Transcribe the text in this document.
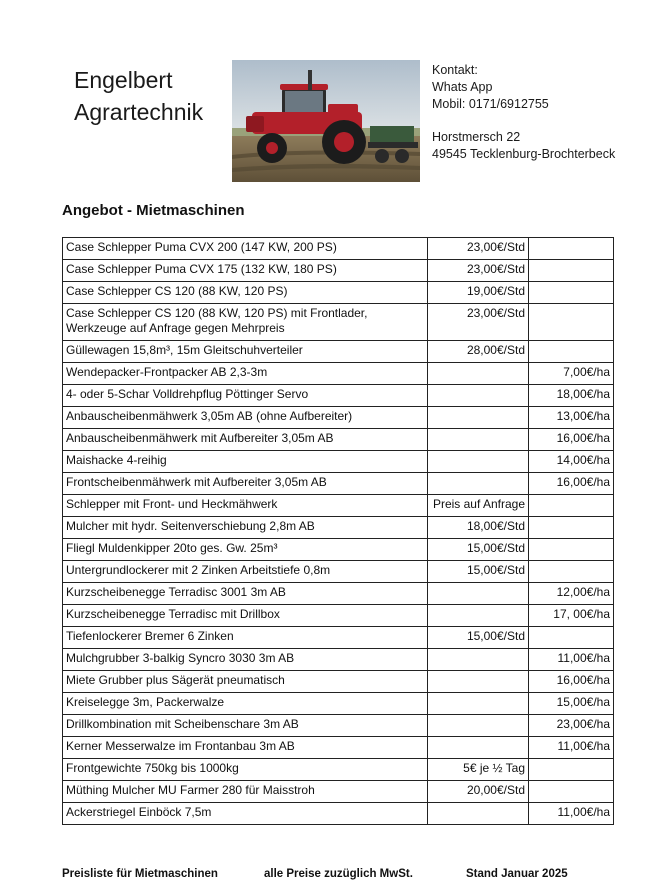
Engelbert
Agrartechnik
Kontakt:
Whats App
Mobil: 0171/6912755
Horstmersch 22
49545 Tecklenburg-Brochterbeck
Angebot - Mietmaschinen
Case Schlepper Puma CVX 200 (147 KW, 200 PS)	23,00€/Std	

Case Schlepper Puma CVX 175 (132 KW, 180 PS)	23,00€/Std	

Case Schlepper CS 120 (88 KW, 120 PS)	19,00€/Std	

Case Schlepper CS 120 (88 KW, 120 PS) mit Frontlader,
Werkzeuge auf Anfrage gegen Mehrpreis	23,00€/Std	

Güllewagen 15,8m³, 15m Gleitschuhverteiler	28,00€/Std	

Wendepacker-Frontpacker AB 2,3-3m		7,00€/ha

4- oder 5-Schar Volldrehpflug Pöttinger Servo		18,00€/ha

Anbauscheibenmähwerk 3,05m AB (ohne Aufbereiter)		13,00€/ha

Anbauscheibenmähwerk mit Aufbereiter 3,05m AB		16,00€/ha

Maishacke 4-reihig		14,00€/ha

Frontscheibenmähwerk mit Aufbereiter 3,05m AB		16,00€/ha

Schlepper mit Front- und Heckmähwerk	Preis auf Anfrage	

Mulcher mit hydr. Seitenverschiebung 2,8m AB	18,00€/Std	

Fliegl Muldenkipper 20to ges. Gw. 25m³	15,00€/Std	

Untergrundlockerer mit 2 Zinken Arbeitstiefe 0,8m	15,00€/Std	

Kurzscheibenegge Terradisc 3001 3m AB		12,00€/ha

Kurzscheibenegge Terradisc mit Drillbox		17, 00€/ha

Tiefenlockerer Bremer 6 Zinken	15,00€/Std	

Mulchgrubber 3-balkig Syncro 3030 3m AB		11,00€/ha

Miete Grubber plus Sägerät pneumatisch		16,00€/ha

Kreiselegge 3m, Packerwalze		15,00€/ha

Drillkombination mit Scheibenschare 3m AB		23,00€/ha

Kerner Messerwalze im Frontanbau 3m AB		11,00€/ha

Frontgewichte 750kg bis 1000kg	5€ je ½ Tag	

Müthing Mulcher MU Farmer 280 für Maisstroh	20,00€/Std	

Ackerstriegel Einböck 7,5m		11,00€/ha
Preisliste für Mietmaschinen	alle Preise zuzüglich MwSt.	Stand Januar 2025
